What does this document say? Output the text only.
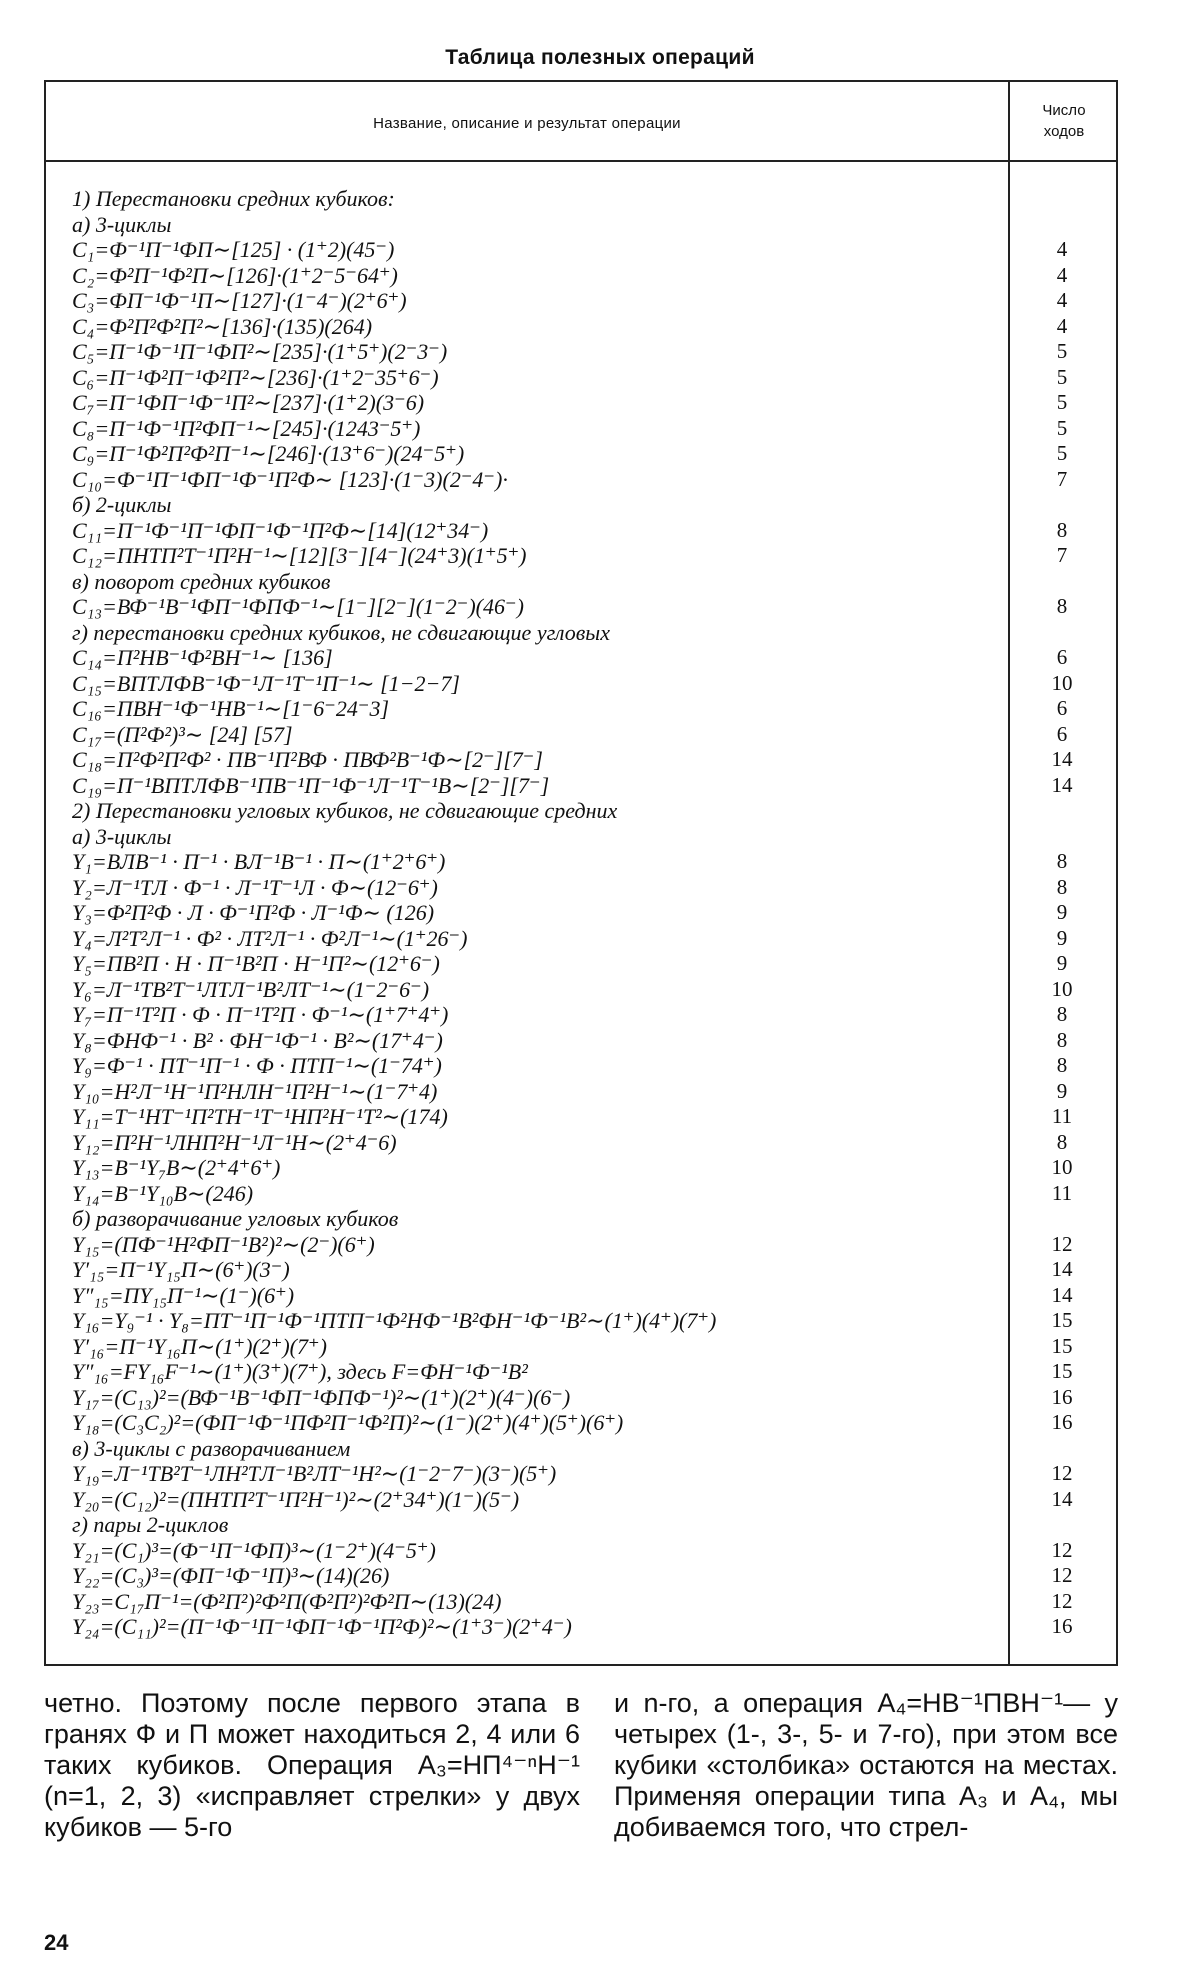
Таблица полезных операций
Название, описание и результат операции
Число
ходов
1) Перестановки средних кубиков:
а) 3-циклы
C₁=Ф⁻¹П⁻¹ФП∼[125] · (1⁺2)(45⁻)	4
C₂=Ф²П⁻¹Ф²П∼[126]·(1⁺2⁻5⁻64⁺)	4
C₃=ФП⁻¹Ф⁻¹П∼[127]·(1⁻4⁻)(2⁺6⁺)	4
C₄=Ф²П²Ф²П²∼[136]·(135)(264)	4
C₅=П⁻¹Ф⁻¹П⁻¹ФП²∼[235]·(1⁺5⁺)(2⁻3⁻)	5
C₆=П⁻¹Ф²П⁻¹Ф²П²∼[236]·(1⁺2⁻35⁺6⁻)	5
C₇=П⁻¹ФП⁻¹Ф⁻¹П²∼[237]·(1⁺2)(3⁻6)	5
C₈=П⁻¹Ф⁻¹П²ФП⁻¹∼[245]·(1243⁻5⁺)	5
C₉=П⁻¹Ф²П²Ф²П⁻¹∼[246]·(13⁺6⁻)(24⁻5⁺)	5
C₁₀=Ф⁻¹П⁻¹ФП⁻¹Ф⁻¹П²Ф∼ [123]·(1⁻3)(2⁻4⁻)·	7
б) 2-циклы
C₁₁=П⁻¹Ф⁻¹П⁻¹ФП⁻¹Ф⁻¹П²Ф∼[14](12⁺34⁻)	8
C₁₂=ПНТП²Т⁻¹П²Н⁻¹∼[12][3⁻][4⁻](24⁺3)(1⁺5⁺)	7
в) поворот средних кубиков
C₁₃=ВФ⁻¹В⁻¹ФП⁻¹ФПФ⁻¹∼[1⁻][2⁻](1⁻2⁻)(46⁻)	8
г) перестановки средних кубиков, не сдвигающие угловых
C₁₄=П²НВ⁻¹Ф²ВН⁻¹∼ [136]	6
C₁₅=ВПТЛФВ⁻¹Ф⁻¹Л⁻¹Т⁻¹П⁻¹∼ [1−2−7]	10
C₁₆=ПВН⁻¹Ф⁻¹НВ⁻¹∼[1⁻6⁻24⁻3]	6
C₁₇=(П²Ф²)³∼ [24] [57]	6
C₁₈=П²Ф²П²Ф² · ПВ⁻¹П²ВФ · ПВФ²В⁻¹Ф∼[2⁻][7⁻]	14
C₁₉=П⁻¹ВПТЛФВ⁻¹ПВ⁻¹П⁻¹Ф⁻¹Л⁻¹Т⁻¹В∼[2⁻][7⁻]	14
2) Перестановки угловых кубиков, не сдвигающие средних
а) 3-циклы
Y₁=ВЛВ⁻¹ · П⁻¹ · ВЛ⁻¹В⁻¹ · П∼(1⁺2⁺6⁺)	8
Y₂=Л⁻¹ТЛ · Ф⁻¹ · Л⁻¹Т⁻¹Л · Ф∼(12⁻6⁺)	8
Y₃=Ф²П²Ф · Л · Ф⁻¹П²Ф · Л⁻¹Ф∼ (126)	9
Y₄=Л²Т²Л⁻¹ · Ф² · ЛТ²Л⁻¹ · Ф²Л⁻¹∼(1⁺26⁻)	9
Y₅=ПВ²П · Н · П⁻¹В²П · Н⁻¹П²∼(12⁺6⁻)	9
Y₆=Л⁻¹ТВ²Т⁻¹ЛТЛ⁻¹В²ЛТ⁻¹∼(1⁻2⁻6⁻)	10
Y₇=П⁻¹Т²П · Ф · П⁻¹Т²П · Ф⁻¹∼(1⁺7⁺4⁺)	8
Y₈=ФНФ⁻¹ · В² · ФН⁻¹Ф⁻¹ · В²∼(17⁺4⁻)	8
Y₉=Ф⁻¹ · ПТ⁻¹П⁻¹ · Ф · ПТП⁻¹∼(1⁻74⁺)	8
Y₁₀=Н²Л⁻¹Н⁻¹П²НЛН⁻¹П²Н⁻¹∼(1⁻7⁺4)	9
Y₁₁=Т⁻¹НТ⁻¹П²ТН⁻¹Т⁻¹НП²Н⁻¹Т²∼(174)	11
Y₁₂=П²Н⁻¹ЛНП²Н⁻¹Л⁻¹Н∼(2⁺4⁻6)	8
Y₁₃=В⁻¹Y₇В∼(2⁺4⁺6⁺)	10
Y₁₄=В⁻¹Y₁₀В∼(246)	11
б) разворачивание угловых кубиков
Y₁₅=(ПФ⁻¹Н²ФП⁻¹В²)²∼(2⁻)(6⁺)	12
Y′₁₅=П⁻¹Y₁₅П∼(6⁺)(3⁻)	14
Y″₁₅=ПY₁₅П⁻¹∼(1⁻)(6⁺)	14
Y₁₆=Y₉⁻¹ · Y₈=ПТ⁻¹П⁻¹Ф⁻¹ПТП⁻¹Ф²НФ⁻¹В²ФН⁻¹Ф⁻¹В²∼(1⁺)(4⁺)(7⁺)	15
Y′₁₆=П⁻¹Y₁₆П∼(1⁺)(2⁺)(7⁺)	15
Y″₁₆=FY₁₆F⁻¹∼(1⁺)(3⁺)(7⁺), здесь F=ФН⁻¹Ф⁻¹В²	15
Y₁₇=(C₁₃)²=(ВФ⁻¹В⁻¹ФП⁻¹ФПФ⁻¹)²∼(1⁺)(2⁺)(4⁻)(6⁻)	16
Y₁₈=(C₃C₂)²=(ФП⁻¹Ф⁻¹ПФ²П⁻¹Ф²П)²∼(1⁻)(2⁺)(4⁺)(5⁺)(6⁺)	16
в) 3-циклы с разворачиванием
Y₁₉=Л⁻¹ТВ²Т⁻¹ЛН²ТЛ⁻¹В²ЛТ⁻¹Н²∼(1⁻2⁻7⁻)(3⁻)(5⁺)	12
Y₂₀=(C₁₂)²=(ПНТП²Т⁻¹П²Н⁻¹)²∼(2⁺34⁺)(1⁻)(5⁻)	14
г) пары 2-циклов
Y₂₁=(C₁)³=(Ф⁻¹П⁻¹ФП)³∼(1⁻2⁺)(4⁻5⁺)	12
Y₂₂=(C₃)³=(ФП⁻¹Ф⁻¹П)³∼(14)(26)	12
Y₂₃=C₁₇П⁻¹=(Ф²П²)²Ф²П(Ф²П²)²Ф²П∼(13)(24)	12
Y₂₄=(C₁₁)²=(П⁻¹Ф⁻¹П⁻¹ФП⁻¹Ф⁻¹П²Ф)²∼(1⁺3⁻)(2⁺4⁻)	16

четно. Поэтому после первого этапа в гранях Ф и П может находиться 2, 4 или 6 таких кубиков. Операция A₃=НП⁴⁻ⁿН⁻¹ (n=1, 2, 3) «исправляет стрелки» у двух кубиков — 5-го

и n-го, а операция A₄=НВ⁻¹ПВН⁻¹— у четырех (1-, 3-, 5- и 7-го), при этом все кубики «столбика» остаются на местах. Применяя операции типа A₃ и A₄, мы добиваемся того, что стрел-

24
